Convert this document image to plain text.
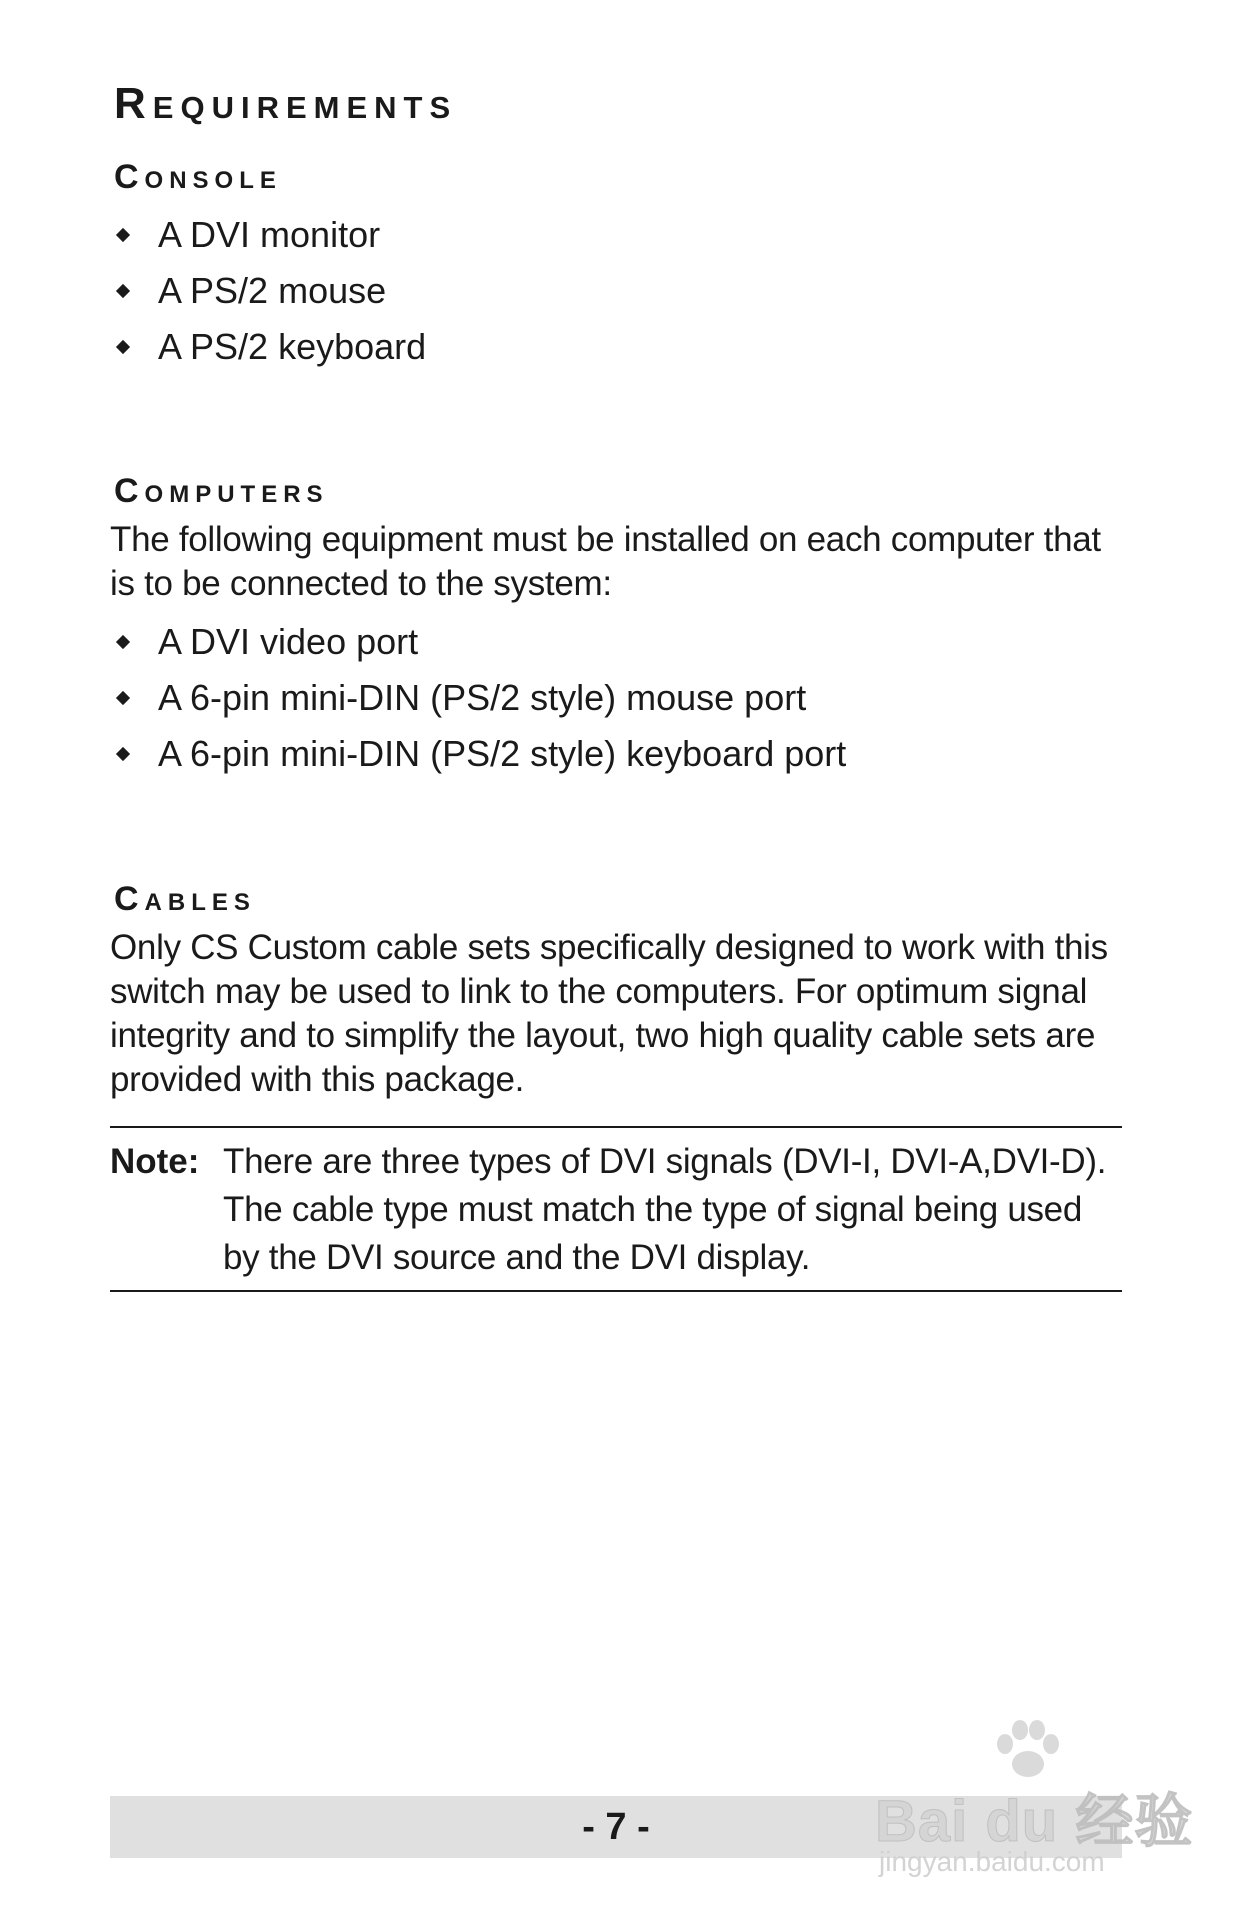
Requirements
Console
A DVI monitor
A PS/2 mouse
A PS/2 keyboard
Computers

The following equipment must be installed on each computer that
is to be connected to the system:

A DVI video port
A 6-pin mini-DIN (PS/2 style) mouse port
A 6-pin mini-DIN (PS/2 style) keyboard port
Cables

Only CS Custom cable sets specifically designed to work with this
switch may be used to link to the computers. For optimum signal
integrity and to simplify the layout, two high quality cable sets are
provided with this package.

Note: There are three types of DVI signals (DVI-I, DVI-A,DVI-D).
The cable type must match the type of signal being used
by the DVI source and the DVI display.
- 7 -	Bai du 经验
jingyan.baidu.com
